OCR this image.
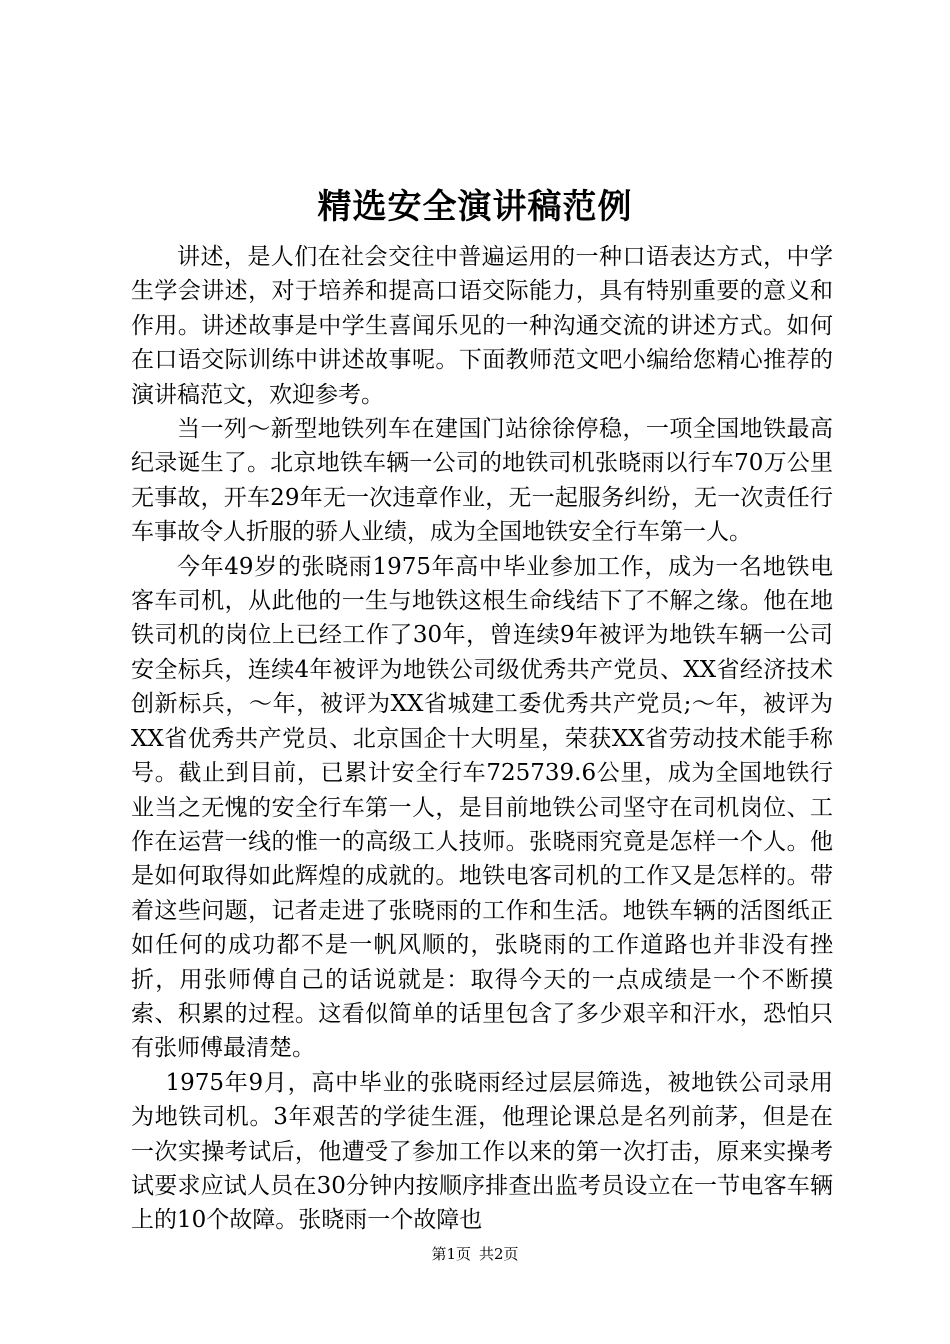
精选安全演讲稿范例

讲述，是人们在社会交往中普遍运用的一种口语表达方式，中学生学会讲述，对于培养和提高口语交际能力，具有特别重要的意义和作用。讲述故事是中学生喜闻乐见的一种沟通交流的讲述方式。如何在口语交际训练中讲述故事呢。下面教师范文吧小编给您精心推荐的演讲稿范文，欢迎参考。

当一列～新型地铁列车在建国门站徐徐停稳，一项全国地铁最高纪录诞生了。北京地铁车辆一公司的地铁司机张晓雨以行车70万公里无事故，开车29年无一次违章作业，无一起服务纠纷，无一次责任行车事故令人折服的骄人业绩，成为全国地铁安全行车第一人。

今年49岁的张晓雨1975年高中毕业参加工作，成为一名地铁电客车司机，从此他的一生与地铁这根生命线结下了不解之缘。他在地铁司机的岗位上已经工作了30年，曾连续9年被评为地铁车辆一公司安全标兵，连续4年被评为地铁公司级优秀共产党员、XX省经济技术创新标兵，～年，被评为XX省城建工委优秀共产党员;～年，被评为XX省优秀共产党员、北京国企十大明星，荣获XX省劳动技术能手称号。截止到目前，已累计安全行车725739.6公里，成为全国地铁行业当之无愧的安全行车第一人，是目前地铁公司坚守在司机岗位、工作在运营一线的惟一的高级工人技师。张晓雨究竟是怎样一个人。他是如何取得如此辉煌的成就的。地铁电客司机的工作又是怎样的。带着这些问题，记者走进了张晓雨的工作和生活。地铁车辆的活图纸正如任何的成功都不是一帆风顺的，张晓雨的工作道路也并非没有挫折，用张师傅自己的话说就是：取得今天的一点成绩是一个不断摸索、积累的过程。这看似简单的话里包含了多少艰辛和汗水，恐怕只有张师傅最清楚。

1975年9月，高中毕业的张晓雨经过层层筛选，被地铁公司录用为地铁司机。3年艰苦的学徒生涯，他理论课总是名列前茅，但是在一次实操考试后，他遭受了参加工作以来的第一次打击，原来实操考试要求应试人员在30分钟内按顺序排查出监考员设立在一节电客车辆上的10个故障。张晓雨一个故障也

第1页 共2页
